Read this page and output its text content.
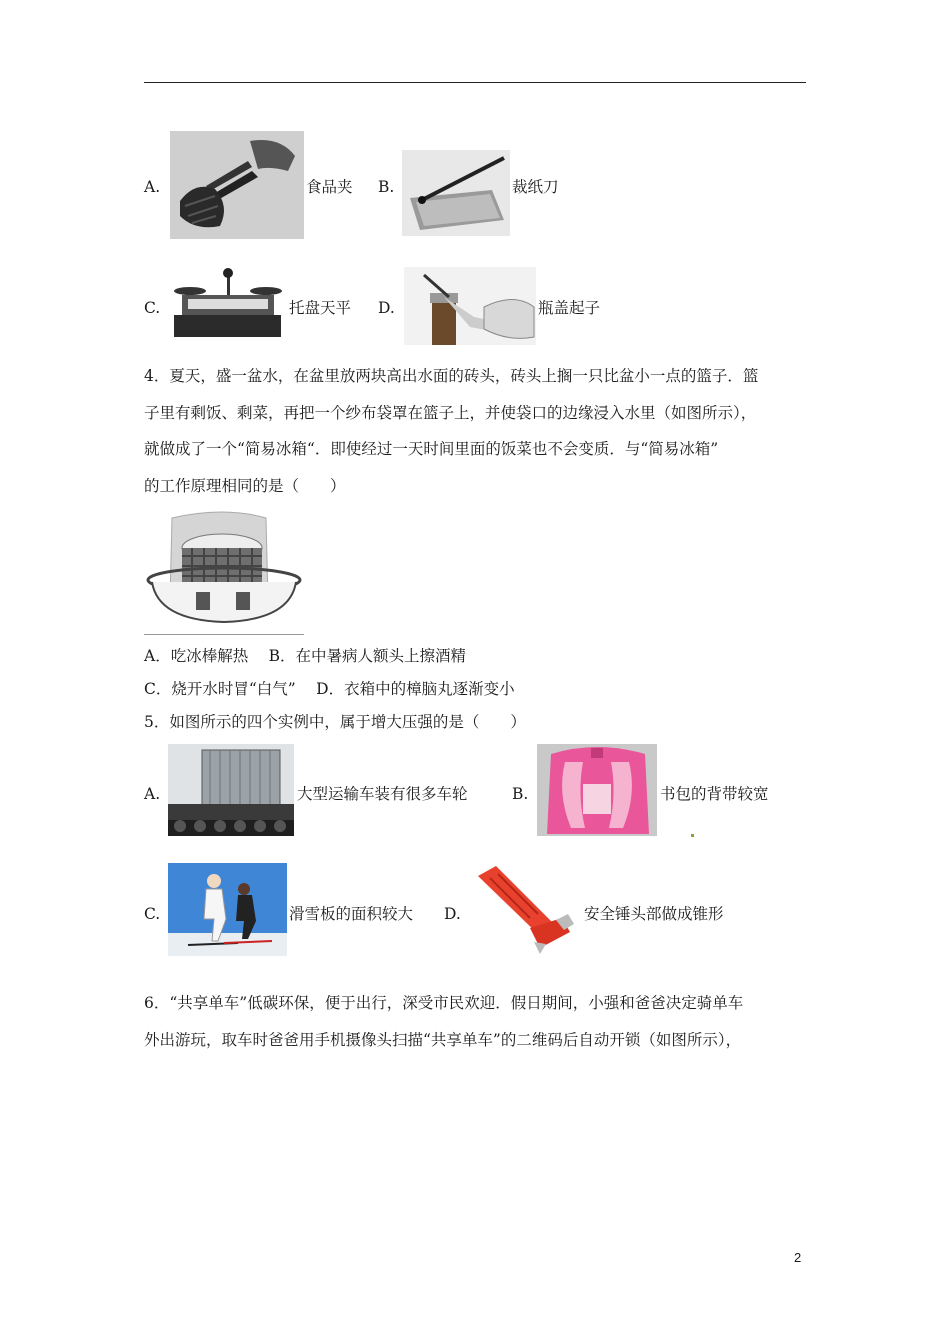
A.	食品夹 B.	裁纸刀
C.	托盘天平 D.	瓶盖起子
4．夏天，盛一盆水，在盆里放两块高出水面的砖头，砖头上搁一只比盆小一点的篮子．篮
子里有剩饭、剩菜，再把一个纱布袋罩在篮子上，并使袋口的边缘浸入水里（如图所示），
就做成了一个“简易冰箱“．即使经过一天时间里面的饭菜也不会变质．与“简易冰箱”
的工作原理相同的是（　　）
A．吃冰棒解热　 B．在中暑病人额头上擦酒精
C．烧开水时冒“白气”　 D．衣箱中的樟脑丸逐渐变小
5．如图所示的四个实例中，属于增大压强的是（　　）
A.	大型运输车装有很多车轮	B.	书包的背带较宽
C.	滑雪板的面积较大 D.	安全锤头部做成锥形
6．“共享单车”低碳环保，便于出行，深受市民欢迎．假日期间，小强和爸爸决定骑单车
外出游玩，取车时爸爸用手机摄像头扫描“共享单车”的二维码后自动开锁（如图所示），
2
